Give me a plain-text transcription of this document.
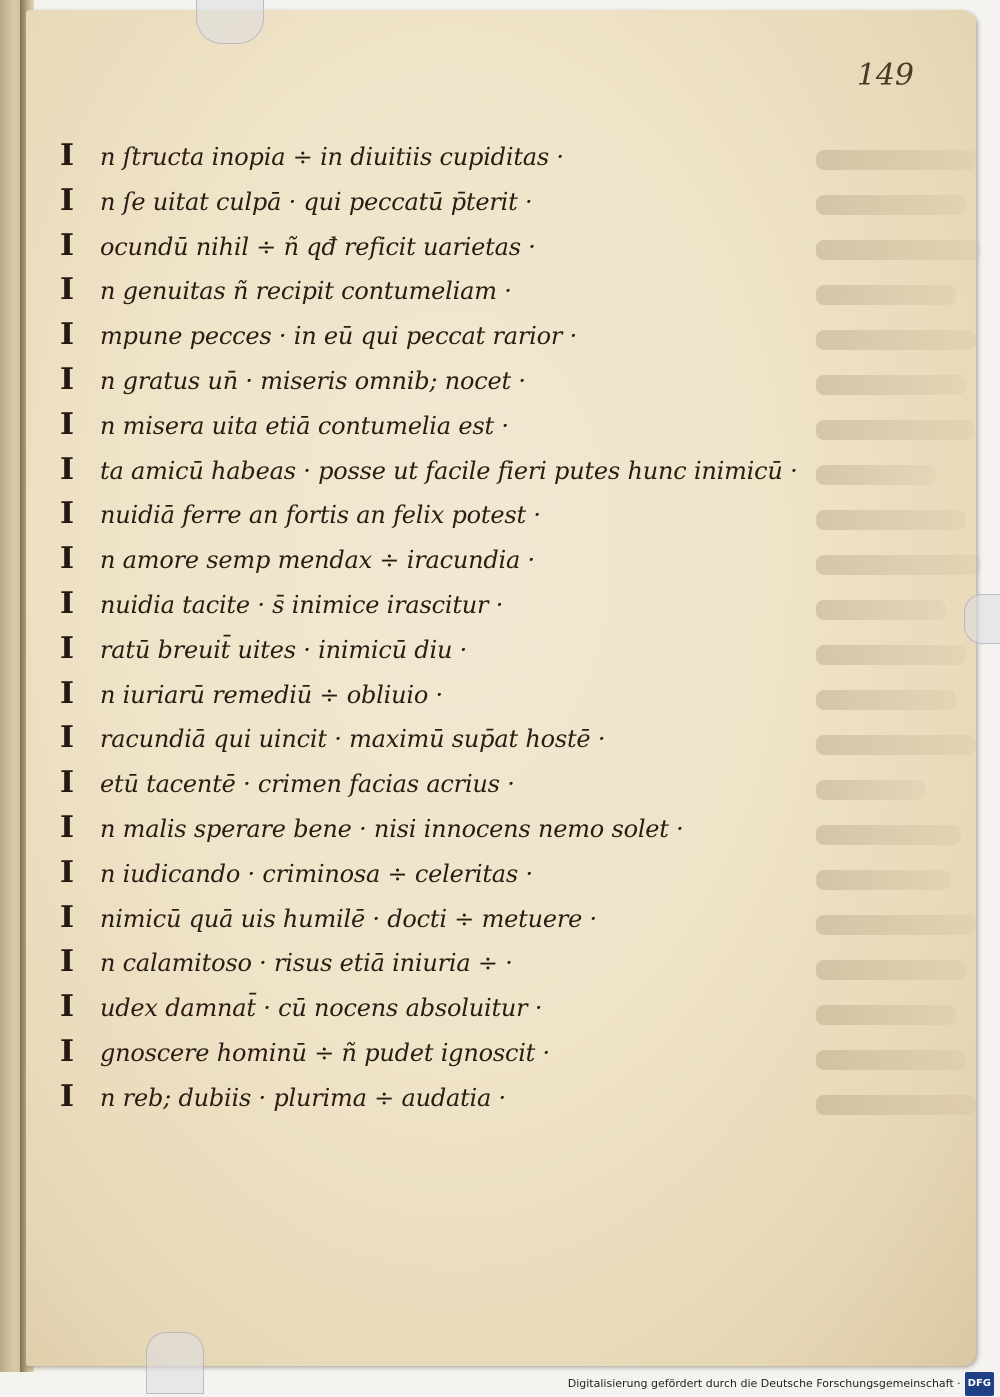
149
I	n ſtructa inopia ÷ in diuitiis cupiditas ·
I	n ſe uitat culpā · qui peccatū p̄terit ·
I	ocundū nihil ÷ ñ qđ reficit uarietas ·
I	n genuitas ñ recipit contumeliam ·
I	mpune pecces · in eū qui peccat rarior ·
I	n gratus un̄ · miseris omnib; nocet ·
I	n misera uita etiā contumelia est ·
I	ta amicū habeas · posse ut facile fieri putes hunc inimicū ·
I	nuidiā ferre an fortis an felix potest ·
I	n amore semp mendax ÷ iracundia ·
I	nuidia tacite · s̄ inimice irascitur ·
I	ratū breuit̄ uites · inimicū diu ·
I	n iuriarū remediū ÷ obliuio ·
I	racundiā qui uincit · maximū sup̄at hostē ·
I	etū tacentē · crimen facias acrius ·
I	n malis sperare bene · nisi innocens nemo solet ·
I	n iudicando · criminosa ÷ celeritas ·
I	nimicū quā uis humilē · docti ÷ metuere ·
I	n calamitoso · risus etiā iniuria ÷ ·
I	udex damnat̄ · cū nocens absoluitur ·
I	gnoscere hominū ÷ ñ pudet ignoscit ·
I	n reb; dubiis · plurima ÷ audatia ·
Digitalisierung gefördert durch die Deutsche Forschungsgemeinschaft · DFG
